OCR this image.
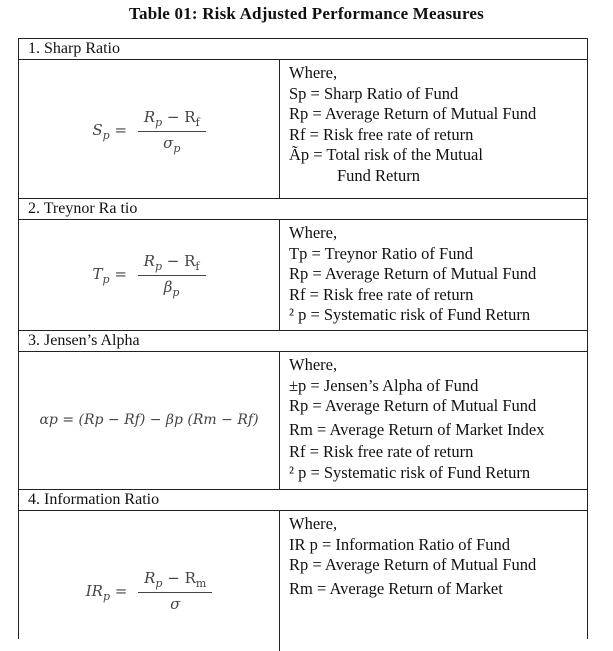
Table 01: Risk Adjusted Performance Measures
1. Sharp Ratio
$S_p = \frac{R_p - R_f}{\sigma_p}$
Where,
Sp = Sharp Ratio of Fund
Rp = Average Return of Mutual Fund
Rf = Risk free rate of return
Ãp = Total risk of the Mutual
Fund Return
2. Treynor Ra tio
$T_p = \frac{R_p - R_f}{\beta_p}$
Where,
Tp = Treynor Ratio of Fund
Rp = Average Return of Mutual Fund
Rf = Risk free rate of return
² p = Systematic risk of Fund Return
3. Jensen’s Alpha
αp = (Rp − Rf) − βp (Rm − Rf)
Where,
±p = Jensen’s Alpha of Fund
Rp = Average Return of Mutual Fund
Rm = Average Return of Market Index
Rf = Risk free rate of return
² p = Systematic risk of Fund Return
4. Information Ratio
$IR_p = \frac{R_p - R_m}{\sigma}$
Where,
IR p = Information Ratio of Fund
Rp = Average Return of Mutual Fund
Rm = Average Return of Market
